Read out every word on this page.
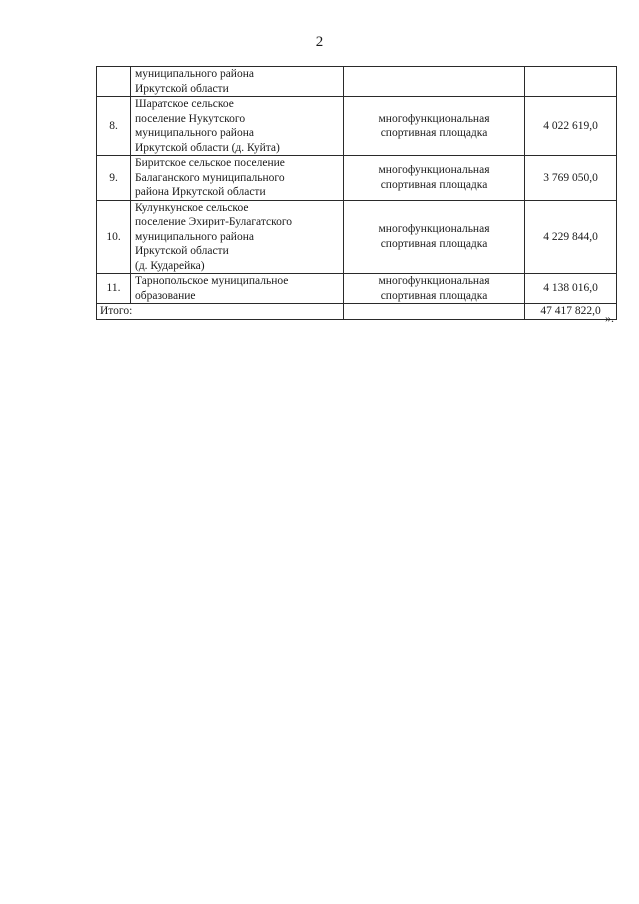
2

	муниципального района
Иркутской области		

8.	Шаратское сельское
поселение Нукутского
муниципального района
Иркутской области (д. Куйта)	многофункциональная
спортивная площадка	4 022 619,0
9.	Биритское сельское поселение
Балаганского муниципального
района Иркутской области	многофункциональная
спортивная площадка	3 769 050,0
10.	Кулункунское сельское
поселение Эхирит-Булагатского
муниципального района
Иркутской области
(д. Кударейка)	многофункциональная
спортивная площадка	4 229 844,0
11.	Тарнопольское муниципальное
образование	многофункциональная
спортивная площадка	4 138 016,0
Итого:			47 417 822,0 ».
